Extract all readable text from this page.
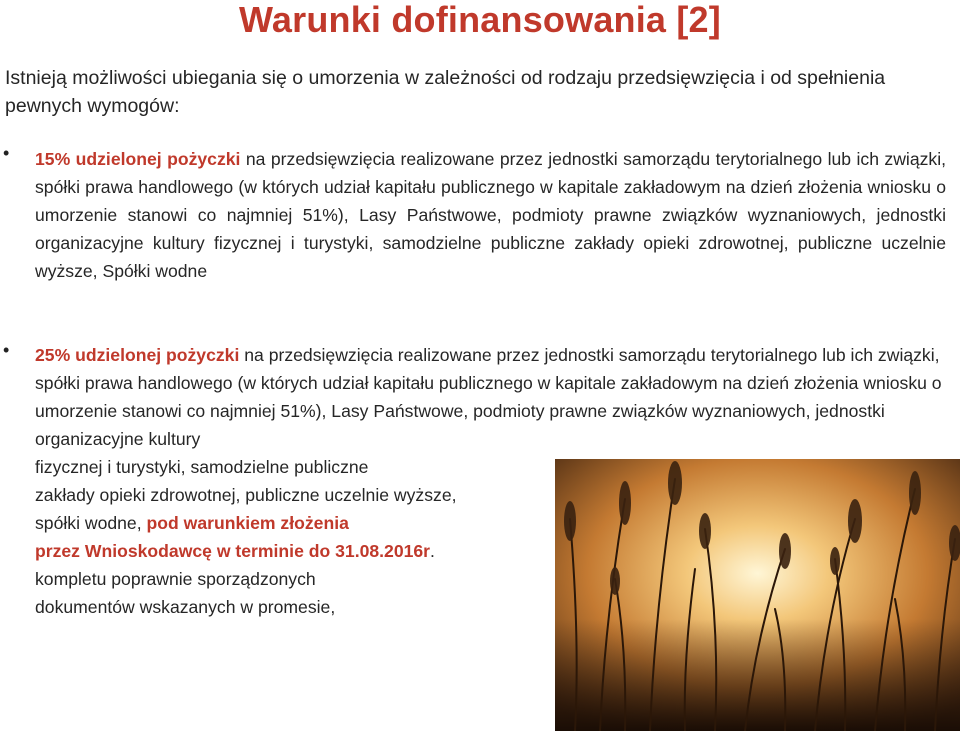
Warunki dofinansowania [2]
Istnieją możliwości ubiegania się o umorzenia w zależności od rodzaju przedsięwzięcia i od spełnienia pewnych wymogów:
•	15% udzielonej pożyczki na przedsięwzięcia realizowane przez jednostki samorządu terytorialnego lub ich związki, spółki prawa handlowego (w których udział kapitału publicznego w kapitale zakładowym na dzień złożenia wniosku o umorzenie stanowi co najmniej 51%), Lasy Państwowe, podmioty prawne związków wyznaniowych, jednostki organizacyjne kultury fizycznej i turystyki, samodzielne publiczne zakłady opieki zdrowotnej, publiczne uczelnie wyższe, Spółki wodne
•	25% udzielonej pożyczki na przedsięwzięcia realizowane przez jednostki samorządu terytorialnego lub ich związki, spółki prawa handlowego (w których udział kapitału publicznego w kapitale zakładowym na dzień złożenia wniosku o umorzenie stanowi co najmniej 51%), Lasy Państwowe, podmioty prawne związków wyznaniowych, jednostki organizacyjne kultury
fizycznej i turystyki, samodzielne publiczne
zakłady opieki zdrowotnej, publiczne uczelnie wyższe,
spółki wodne, pod warunkiem złożenia
przez Wnioskodawcę w terminie do 31.08.2016r.
kompletu poprawnie sporządzonych
dokumentów wskazanych w promesie,
